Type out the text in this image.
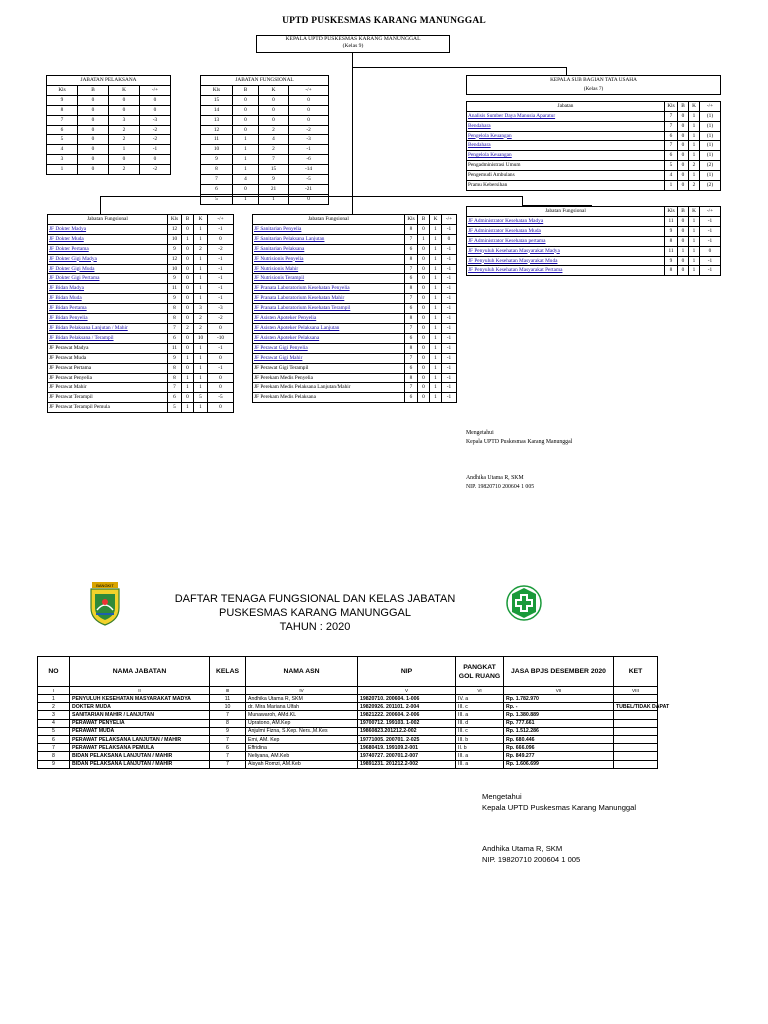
UPTD PUSKESMAS KARANG MANUNGGAL
KEPALA UPTD PUSKESMAS KARANG MANUNGGAL
(Kelas 9)
JABATAN PELAKSANA			
Kls	B	K	-/+
9	0	0	0
8	0	0	0
7	0	3	-3
6	0	2	-2
5	0	2	-2
4	0	1	-1
3	0	0	0
1	0	2	-2
JABATAN FUNGSIONAL			
Kls	B	K	-/+
15	0	0	0
14	0	0	0
13	0	0	0
12	0	2	-2
11	1	4	-3
10	1	2	-1
9	1	7	-6
8	1	15	-14
7	4	9	-5
6	0	21	-21
5	1	1	0
KEPALA SUB BAGIAN TATA USAHA				
(Kelas 7)				

Jabatan	Kls	B	K	-/+
Analisis Sumber Daya Manusia Aparatur	7	0	1	(1)
Bendahara	7	0	1	(1)
Pengelola Keuangan	6	0	1	(1)
Bendahara	7	0	1	(1)
Pengelola Keuangan	6	0	1	(1)
Pengadministrasi Umum	5	0	2	(2)
Pengemudi Ambulans	4	0	1	(1)
Pramu Kebersihan	1	0	2	(2)
Jabatan Fungsional	Kls	B	K	-/+
JF Dokter Madya	12	0	1	-1
JF Dokter Muda	10	1	1	0
JF Dokter Pertama	9	0	2	-2
JF Dokter Gigi Madya	12	0	1	-1
JF Dokter Gigi Muda	10	0	1	-1
JF Dokter Gigi Pertama	9	0	1	-1
JF Bidan Madya	11	0	1	-1
JF Bidan Muda	9	0	1	-1
JF Bidan Pertama	8	0	3	-3
JF Bidan Penyelia	8	0	2	-2
JF Bidan Pelaksana Lanjutan / Mahir	7	2	2	0
JF Bidan Pelaksana / Terampil	6	0	10	-10
JF Perawat Madya	11	0	1	-1
JF Perawat Muda	9	1	1	0
JF Perawat Pertama	8	0	1	-1
JF Perawat Penyelia	8	1	1	0
JF Perawat Mahir	7	1	1	0
JF Perawat Terampil	6	0	5	-5
JF Perawat Terampil Pemula	5	1	1	0
Jabatan Fungsional	Kls	B	K	-/+
JF Sanitarian Penyelia	8	0	1	-1
JF Sanitarian Pelaksana Lanjutan	7	1	1	0
JF Sanitarian Pelaksana	6	0	1	-1
JF Nutrisionis Penyelia	8	0	1	-1
JF Nutrisionis Mahir	7	0	1	-1
JF Nutrisionis Terampil	6	0	1	-1
JF Pranata Laboratorium Kesehatan Penyelia	8	0	1	-1
JF Pranata Laboratorium Kesehatan Mahir	7	0	1	-1
JF Pranata Laboratorium Kesehatan Terampil	6	0	1	-1
JF Asisten Apoteker Penyelia	8	0	1	-1
JF Asisten Apoteker Pelaksana Lanjutan	7	0	1	-1
JF Asisten Apoteker Pelaksana	6	0	1	-1
JF Perawat Gigi Penyelia	8	0	1	-1
JF Perawat Gigi Mahir	7	0	1	-1
JF Perawat Gigi Terampil	6	0	1	-1
JF Perekam Medis Penyelia	8	0	1	-1
JF Perekam Medis Pelaksana Lanjutan/Mahir	7	0	1	-1
JF Perekam Medis Pelaksana	6	0	1	-1
Jabatan Fungsional	Kls	B	K	-/+
JF Administrator Kesehatan Madya	11	0	1	-1
JF Administrator Kesehatan Muda	9	0	1	-1
JF Administrator Kesehatan pertama	8	0	1	-1
JF Penyuluh Kesehatan Masyarakat Madya	11	1	1	0
JF Penyuluh Kesehatan Masyarakat Muda	9	0	1	-1
JF Penyuluh Kesehatan Masyarakat Pertama	8	0	1	-1
Mengetahui
Kepala UPTD Puskesmas Karang Manunggal
Andhika Utama R, SKM
NIP. 19820710 200604 1 005
BANGKIT
DAFTAR TENAGA FUNGSIONAL DAN KELAS JABATAN
PUSKESMAS KARANG MANUNGGAL
TAHUN : 2020
NO	NAMA JABATAN	KELAS	NAMA ASN	NIP	PANGKAT GOL RUANG	JASA BPJS DESEMBER 2020	KET
I	II	III	IV	V	VI	VII	VIII
1	PENYULUH KESEHATAN MASYARAKAT MADYA	11	Andhika Utama R, SKM	19820710. 200604. 1-006	IV. a	Rp. 1.782.970	
2	DOKTER MUDA	10	dr. Mira Mariana Ulfah	19820926. 201101. 2-004	III. c	Rp. -	TUBEL/TIDAK DAPAT
3	SANITARIAN MAHIR / LANJUTAN	7	Munawaroh, AMd.KL	19821222. 200604. 2-006	III. a	Rp. 1.380.889	
4	PERAWAT PENYELIA	8	Upratono, AM.Kep	19700712. 199103. 1-002	III. d	Rp. 777.661	
5	PERAWAT MUDA	9	Anjulmi Fizna, S.Kep. Ners.,M.Kes	19860823.201212.2-002	III. c	Rp. 1.512.286	
6	PERAWAT PELAKSANA LANJUTAN / MAHIR	7	Emi, AM. Kep	19771005. 200701. 2-025	III. b	Rp. 680.446	
7	PERAWAT PELAKSANA PEMULA	6	Effridina	19680419. 199109.2-001	II. b	Rp. 666.096	
8	BIDAN PELAKSANA LANJUTAN / MAHIR	7	Neliyana, AM.Keb	19740727. 200701.2-007	III. a	Rp. 849.277	
9	BIDAN PELAKSANA LANJUTAN / MAHIR	7	Aisyah Romzi, AM.Keb	19891231. 201212.2-002	III. a	Rp. 1.606.699	
Mengetahui
Kepala UPTD Puskesmas Karang Manunggal
Andhika Utama R, SKM
NIP. 19820710 200604 1 005
